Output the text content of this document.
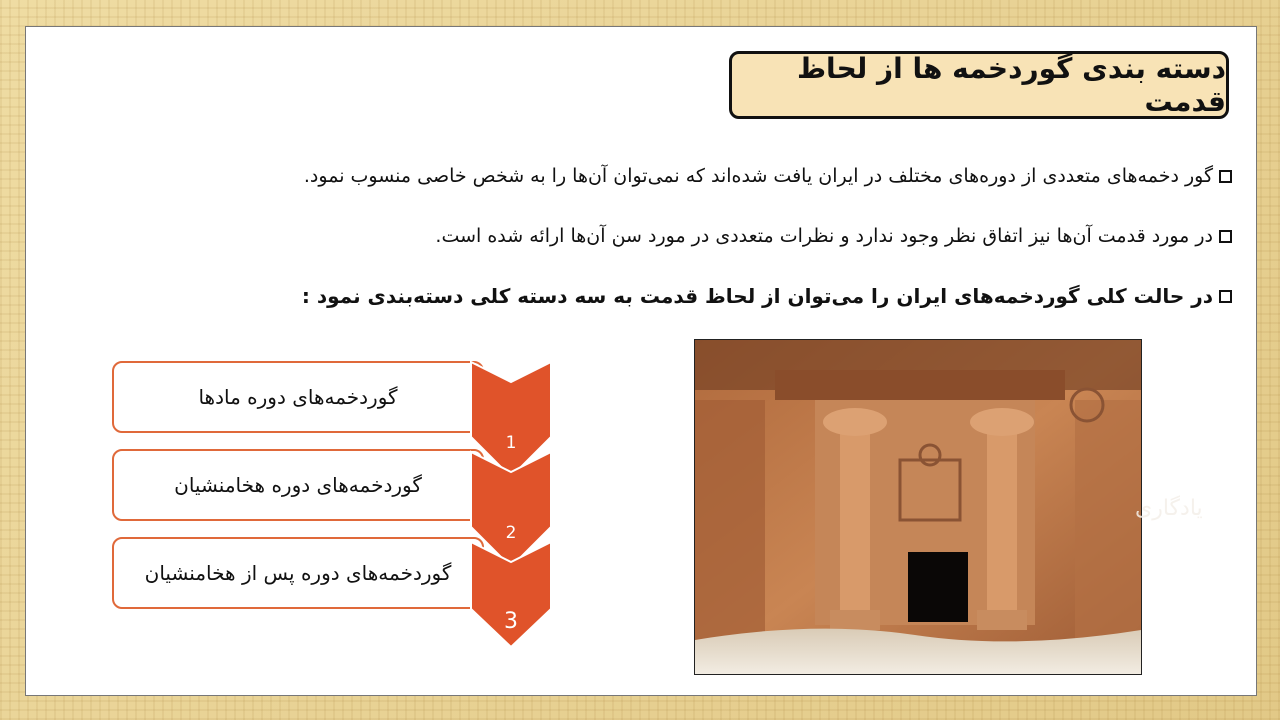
دسته بندی گوردخمه ها از لحاظ قدمت
گور دخمه‌های متعددی از دوره‌های مختلف در ایران یافت شده‌اند که نمی‌توان آن‌ها را به شخص خاصی منسوب نمود.
در مورد قدمت آن‌ها نیز اتفاق نظر وجود ندارد و نظرات متعددی در مورد سن آن‌ها ارائه شده است.
در حالت کلی گوردخمه‌های ایران را می‌توان از لحاظ قدمت به سه دسته کلی دسته‌بندی نمود :
گوردخمه‌های دوره مادها
گوردخمه‌های دوره هخامنشیان
گوردخمه‌های دوره پس از هخامنشیان
1
2
3
یادگاری
